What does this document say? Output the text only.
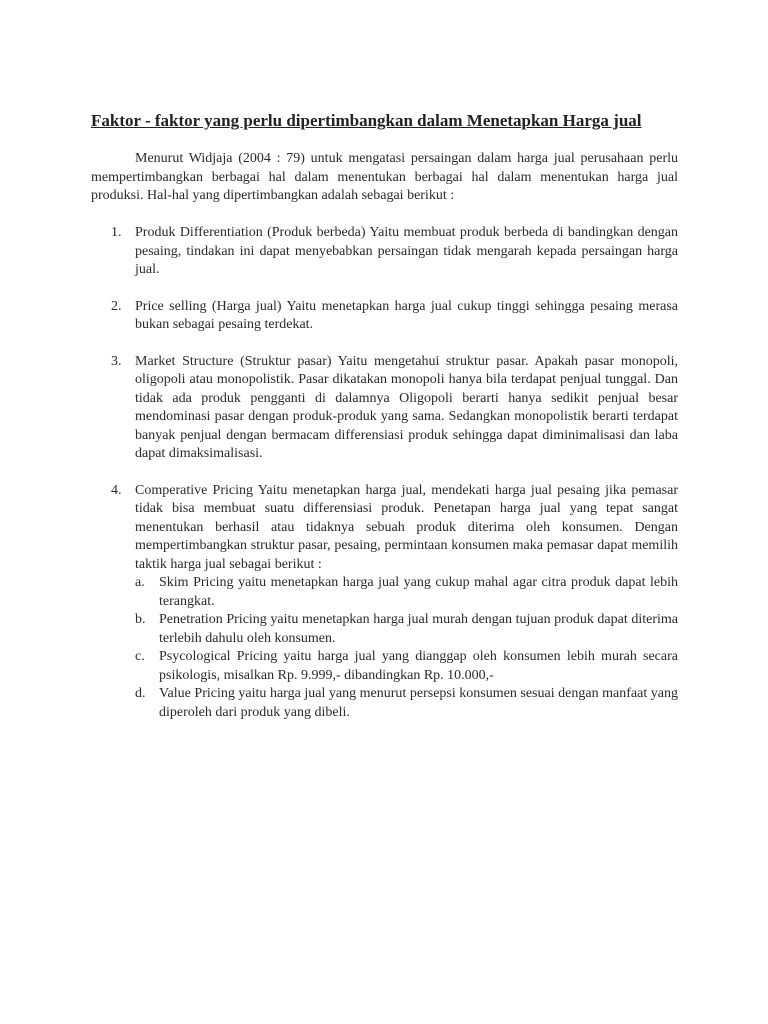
Faktor - faktor yang perlu dipertimbangkan dalam Menetapkan Harga jual

Menurut Widjaja (2004 : 79) untuk mengatasi persaingan dalam harga jual perusahaan perlu mempertimbangkan berbagai hal dalam menentukan berbagai hal dalam menentukan harga jual produksi. Hal-hal yang dipertimbangkan adalah sebagai berikut :

1. Produk Differentiation (Produk berbeda) Yaitu membuat produk berbeda di bandingkan dengan pesaing, tindakan ini dapat menyebabkan persaingan tidak mengarah kepada persaingan harga jual.
2. Price selling (Harga jual) Yaitu menetapkan harga jual cukup tinggi sehingga pesaing merasa bukan sebagai pesaing terdekat.
3. Market Structure (Struktur pasar) Yaitu mengetahui struktur pasar. Apakah pasar monopoli, oligopoli atau monopolistik. Pasar dikatakan monopoli hanya bila terdapat penjual tunggal. Dan tidak ada produk pengganti di dalamnya Oligopoli berarti hanya sedikit penjual besar mendominasi pasar dengan produk-produk yang sama. Sedangkan monopolistik berarti terdapat banyak penjual dengan bermacam differensiasi produk sehingga dapat diminimalisasi dan laba dapat dimaksimalisasi.
4. Comperative Pricing Yaitu menetapkan harga jual, mendekati harga jual pesaing jika pemasar tidak bisa membuat suatu differensiasi produk. Penetapan harga jual yang tepat sangat menentukan berhasil atau tidaknya sebuah produk diterima oleh konsumen. Dengan mempertimbangkan struktur pasar, pesaing, permintaan konsumen maka pemasar dapat memilih taktik harga jual sebagai berikut :
a. Skim Pricing yaitu menetapkan harga jual yang cukup mahal agar citra produk dapat lebih terangkat.
b. Penetration Pricing yaitu menetapkan harga jual murah dengan tujuan produk dapat diterima terlebih dahulu oleh konsumen.
c. Psycological Pricing yaitu harga jual yang dianggap oleh konsumen lebih murah secara psikologis, misalkan Rp. 9.999,- dibandingkan Rp. 10.000,-
d. Value Pricing yaitu harga jual yang menurut persepsi konsumen sesuai dengan manfaat yang diperoleh dari produk yang dibeli.
